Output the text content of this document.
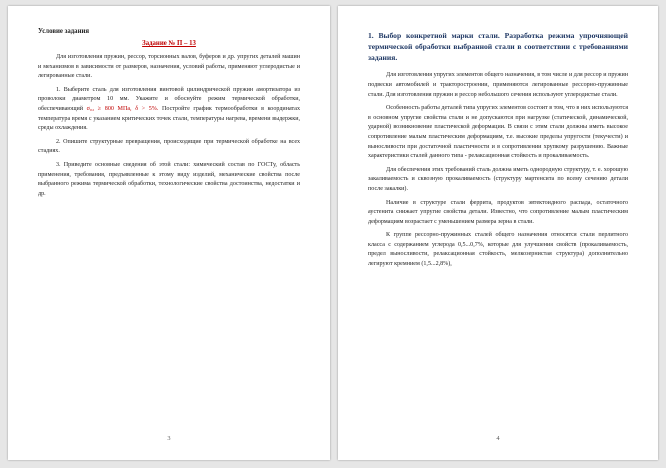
Условие задания
Задание № П – 13

Для изготовления пружин, рессор, торсионных валов, буферов и др. упругих деталей машин и механизмов в зависимости от размеров, назначения, условий работы, применяют углеродистые и легированные стали.

1. Выберите сталь для изготовления винтовой цилиндрической пружин амортизатора из проволоки диаметром 10 мм. Укажите и обоснуйте режим термической обработки, обеспечивающий σ₀₂ ≥ 800 МПа, δ > 5%. Постройте график термообработки в координатах температура время с указанием критических точек стали, температуры нагрева, времени выдержки, среды охлаждения.

2. Опишите структурные превращения, происходящие при термической обработке на всех стадиях.

3. Приведите основные сведения об этой стали: химический состав по ГОСТу, область применения, требования, предъявленные к этому виду изделий, механические свойства после выбранного режима термической обработки, технологические свойства достоинства, недостатки и др.

3
1. Выбор конкретной марки стали. Разработка режима упрочняющей термической обработки выбранной стали в соответствии с требованиями задания.

Для изготовления упругих элементов общего назначения, в том числе и для рессор и пружин подвески автомобилей и тракторостроении, применяются легированные рессорно-пружинные стали. Для изготовления пружин и рессор небольшого сечения используют углеродистые стали.

Особенность работы деталей типа упругих элементов состоит в том, что в них используются в основном упругие свойства стали и не допускаются при нагрузке (статической, динамической, ударной) возникновение пластической деформации. В связи с этим стали должны иметь высокое сопротивление малым пластическим деформациям, т.е. высокие пределы упругости (текучести) и выносливости при достаточной пластичности и в сопротивлении хрупкому разрушению. Важные характеристики сталей данного типа - релаксационная стойкость и прокаливаемость.

Для обеспечения этих требований сталь должна иметь однородную структуру, т. е. хорошую закаливаемость и сквозную прокаливаемость (структуру мартенсита по всему сечению детали после закалки).

Наличие в структуре стали феррита, продуктов эвтектоидного распада, остаточного аустенита снижает упругие свойства детали. Известно, что сопротивление малым пластическим деформациям возрастает с уменьшением размера зерна в стали.

К группе рессорно-пружинных сталей общего назначения относятся стали перлитного класса с содержанием углерода 0,5...0,7%, которые для улучшения свойств (прокаливаемость, предел выносливости, релаксационная стойкость, мелкозернистая структура) дополнительно легируют кремнием (1,5...2,8%),

4
